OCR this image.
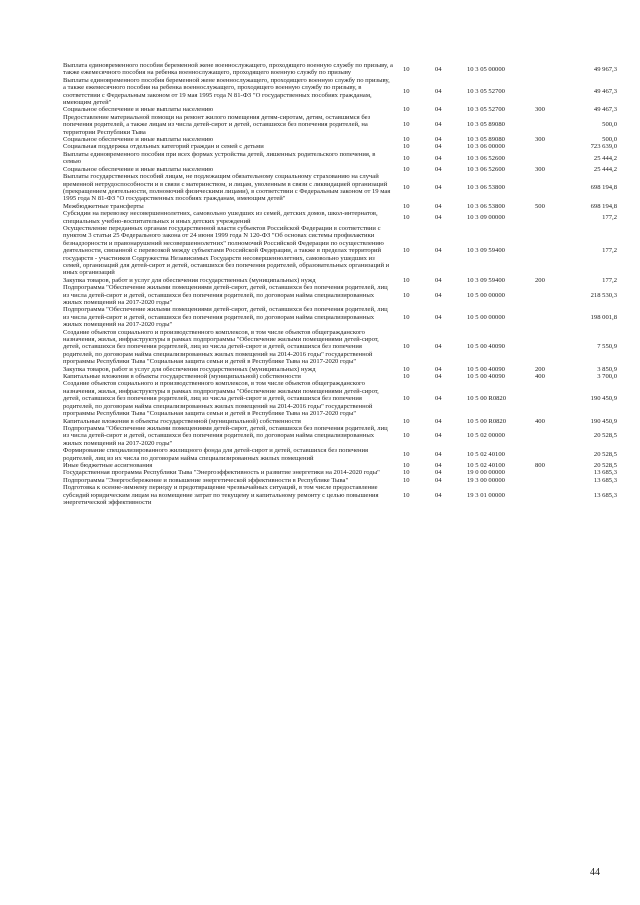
Выплата единовременного пособия беременной жене военнослужащего, проходящего военную службу по призыву, а также ежемесячного пособия на ребенка военнослужащего, проходящего военную службу по призыву	10	04	10 3 05 00000		49 967,3
Выплаты единовременного пособия беременной жене военнослужащего, проходящего военную службу по призыву, а также ежемесячного пособия на ребенка военнослужащего, проходящего военную службу по призыву, в соответствии с Федеральным законом от 19 мая 1995 года N 81-ФЗ "О государственных пособиях гражданам, имеющим детей"	10	04	10 3 05 52700		49 467,3
Социальное обеспечение и иные выплаты населению	10	04	10 3 05 52700	300	49 467,3
Предоставление материальной помощи на ремонт жилого помещения детям-сиротам, детям, оставшимся без попечения родителей, а также лицам из числа детей-сирот и детей, оставшихся без попечения родителей, на территории Республики Тыва	10	04	10 3 05 89080		500,0
Социальное обеспечение и иные выплаты населению	10	04	10 3 05 89080	300	500,0
Социальная поддержка отдельных категорий граждан и семей с детьми	10	04	10 3 06 00000		723 639,0
Выплаты единовременного пособия при всех формах устройства детей, лишенных родительского попечения, в семью	10	04	10 3 06 52600		25 444,2
Социальное обеспечение и иные выплаты населению	10	04	10 3 06 52600	300	25 444,2
Выплаты государственных пособий лицам, не подлежащим обязательному социальному страхованию на случай временной нетрудоспособности и в связи с материнством, и лицам, уволенным в связи с ликвидацией организаций (прекращением деятельности, полномочий физическими лицами), в соответствии с Федеральным законом от 19 мая 1995 года N 81-ФЗ "О государственных пособиях гражданам, имеющим детей"	10	04	10 3 06 53800		698 194,8
Межбюджетные трансферты	10	04	10 3 06 53800	500	698 194,8
Субсидии на перевозку несовершеннолетних, самовольно ушедших из семей, детских домов, школ-интернатов, специальных учебно-воспитательных и иных детских учреждений	10	04	10 3 09 00000		177,2
Осуществление переданных органам государственной власти субъектов Российской Федерации в соответствии с пунктом 3 статьи 25 Федерального закона от 24 июня 1999 года N 120-ФЗ "Об основах системы профилактики безнадзорности и правонарушений несовершеннолетних" полномочий Российской Федерации по осуществлению деятельности, связанной с перевозкой между субъектами Российской Федерации, а также в пределах территорий государств - участников Содружества Независимых Государств несовершеннолетних, самовольно ушедших из семей, организаций для детей-сирот и детей, оставшихся без попечения родителей, образовательных организаций и иных организаций	10	04	10 3 09 59400		177,2
Закупка товаров, работ и услуг для обеспечения государственных (муниципальных) нужд	10	04	10 3 09 59400	200	177,2
Подпрограмма "Обеспечение жилыми помещениями детей-сирот, детей, оставшихся без попечения родителей, лиц из числа детей-сирот и детей, оставшихся без попечения родителей, по договорам найма специализированных жилых помещений на 2017-2020 годы"	10	04	10 5 00 00000		218 530,3
Подпрограмма "Обеспечение жилыми помещениями детей-сирот, детей, оставшихся без попечения родителей, лиц из числа детей-сирот и детей, оставшихся без попечения родителей, по договорам найма специализированных жилых помещений на 2017-2020 годы"	10	04	10 5 00 00000		198 001,8
Создание объектов социального и производственного комплексов, в том числе объектов общегражданского назначения, жилья, инфраструктуры в рамках подпрограммы "Обеспечение жилыми помещениями детей-сирот, детей, оставшихся без попечения родителей, лиц из числа детей-сирот и детей, оставшихся без попечения родителей, по договорам найма специализированных жилых помещений на 2014-2016 годы" государственной программы Республики Тыва "Социальная защита семьи и детей в Республике Тыва на 2017-2020 годы"	10	04	10 5 00 40090		7 550,9
Закупка товаров, работ и услуг для обеспечения государственных (муниципальных) нужд	10	04	10 5 00 40090	200	3 850,9
Капитальные вложения в объекты государственной (муниципальной) собственности	10	04	10 5 00 40090	400	3 700,0
Создание объектов социального и производственного комплексов, в том числе объектов общегражданского назначения, жилья, инфраструктуры в рамках подпрограммы "Обеспечение жилыми помещениями детей-сирот, детей, оставшихся без попечения родителей, лиц из числа детей-сирот и детей, оставшихся без попечения родителей, по договорам найма специализированных жилых помещений на 2014-2016 годы" государственной программы Республики Тыва "Социальная защита семьи и детей в Республике Тыва на 2017-2020 годы"	10	04	10 5 00 R0820		190 450,9
Капитальные вложения в объекты государственной (муниципальной) собственности	10	04	10 5 00 R0820	400	190 450,9
Подпрограмма "Обеспечение жилыми помещениями детей-сирот, детей, оставшихся без попечения родителей, лиц из числа детей-сирот и детей, оставшихся без попечения родителей, по договорам найма специализированных жилых помещений на 2017-2020 годы"	10	04	10 5 02 00000		20 528,5
Формирование специализированного жилищного фонда для детей-сирот и детей, оставшихся без попечения родителей, лиц из их числа по договорам найма специализированных жилых помещений	10	04	10 5 02 40100		20 528,5
Иные бюджетные ассигнования	10	04	10 5 02 40100	800	20 528,5
Государственная программа Республики Тыва "Энергоэффективность и развитие энергетики на 2014-2020 годы"	10	04	19 0 00 00000		13 685,3
Подпрограмма "Энергосбережение и повышение энергетической эффективности в Республике Тыва"	10	04	19 3 00 00000		13 685,3
Подготовка к осенне-зимнему периоду и предотвращение чрезвычайных ситуаций, в том числе предоставление субсидий юридическим лицам на возмещение затрат по текущему и капитальному ремонту с целью повышения энергетической эффективности	10	04	19 3 01 00000		13 685,3
44
